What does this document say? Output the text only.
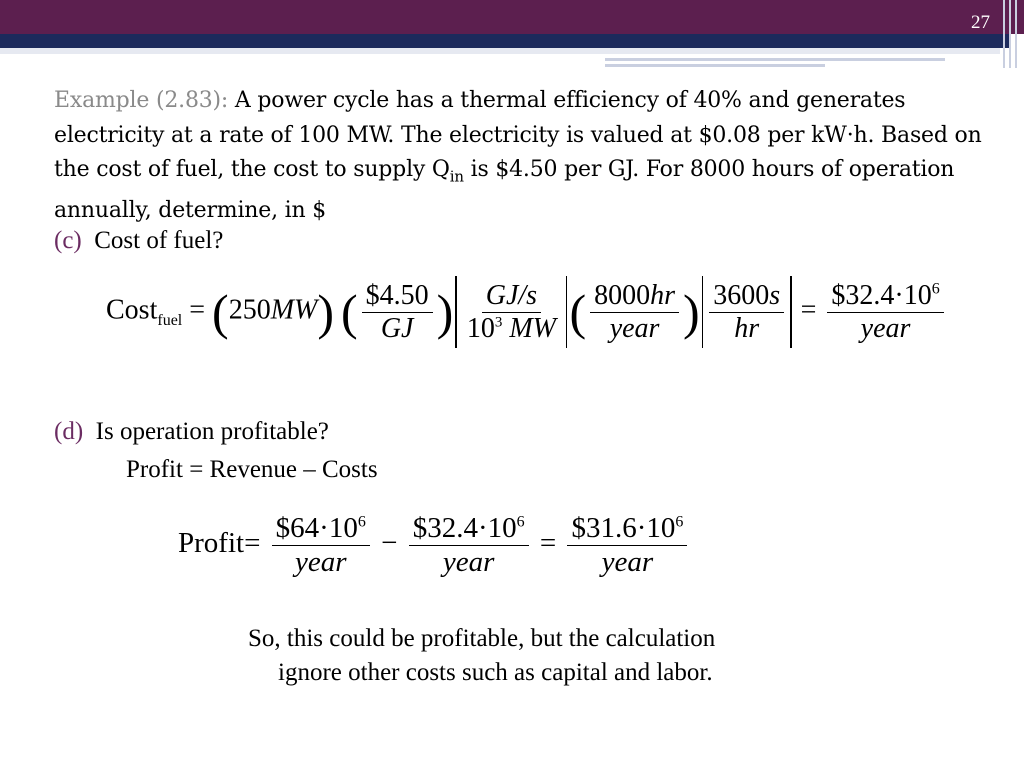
27
Example (2.83): A power cycle has a thermal efficiency of 40% and generates electricity at a rate of 100 MW. The electricity is valued at $0.08 per kW·h. Based on the cost of fuel, the cost to supply $Q_{in}$ is $4.50 per GJ. For 8000 hours of operation annually, determine, in $
(c) Cost of fuel?
Cost$_{fuel}$ = (250MW) ( $\frac{\$4.50}{GJ}$ ) $\frac{GJ/s}{10^3 MW}$ ( $\frac{8000hr}{\text{year}}$ ) $\frac{3600s}{hr} = \frac{\$32.4\cdot 10^6}{\text{year}}$
(d) Is operation profitable?
Profit = Revenue – Costs
Profit= $\frac{\$64\cdot 10^6}{\text{year}} - \frac{\$32.4\cdot 10^6}{\text{year}} = \frac{\$31.6\cdot 10^6}{\text{year}}$
So, this could be profitable, but the calculation
ignore other costs such as capital and labor.
